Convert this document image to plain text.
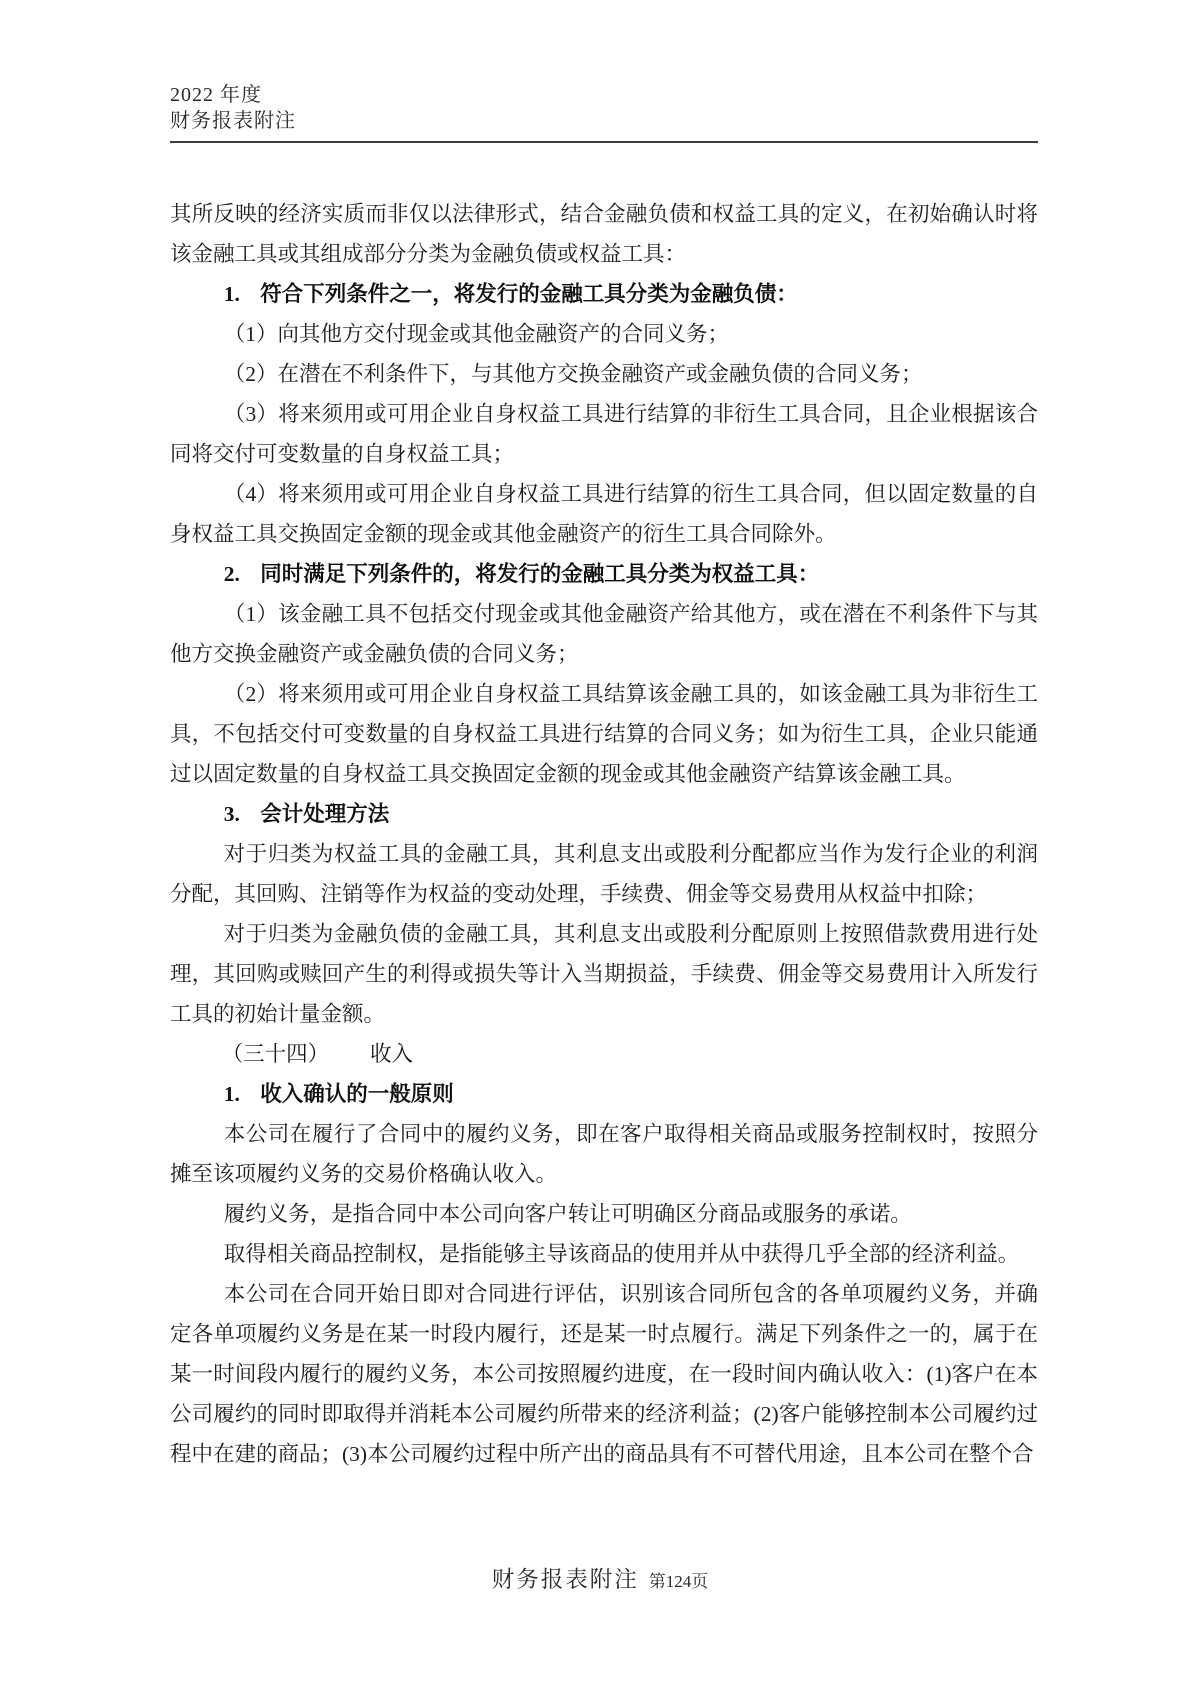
2022 年度
财务报表附注

其所反映的经济实质而非仅以法律形式，结合金融负债和权益工具的定义，在初始确认时将该金融工具或其组成部分分类为金融负债或权益工具：

1. 符合下列条件之一，将发行的金融工具分类为金融负债：

（1）向其他方交付现金或其他金融资产的合同义务；

（2）在潜在不利条件下，与其他方交换金融资产或金融负债的合同义务；

（3）将来须用或可用企业自身权益工具进行结算的非衍生工具合同，且企业根据该合同将交付可变数量的自身权益工具；

（4）将来须用或可用企业自身权益工具进行结算的衍生工具合同，但以固定数量的自身权益工具交换固定金额的现金或其他金融资产的衍生工具合同除外。

2. 同时满足下列条件的，将发行的金融工具分类为权益工具：

（1）该金融工具不包括交付现金或其他金融资产给其他方，或在潜在不利条件下与其他方交换金融资产或金融负债的合同义务；

（2）将来须用或可用企业自身权益工具结算该金融工具的，如该金融工具为非衍生工具，不包括交付可变数量的自身权益工具进行结算的合同义务；如为衍生工具，企业只能通过以固定数量的自身权益工具交换固定金额的现金或其他金融资产结算该金融工具。

3. 会计处理方法

对于归类为权益工具的金融工具，其利息支出或股利分配都应当作为发行企业的利润分配，其回购、注销等作为权益的变动处理，手续费、佣金等交易费用从权益中扣除；

对于归类为金融负债的金融工具，其利息支出或股利分配原则上按照借款费用进行处理，其回购或赎回产生的利得或损失等计入当期损益，手续费、佣金等交易费用计入所发行工具的初始计量金额。

（三十四） 收入

1. 收入确认的一般原则

本公司在履行了合同中的履约义务，即在客户取得相关商品或服务控制权时，按照分摊至该项履约义务的交易价格确认收入。

履约义务，是指合同中本公司向客户转让可明确区分商品或服务的承诺。

取得相关商品控制权，是指能够主导该商品的使用并从中获得几乎全部的经济利益。

本公司在合同开始日即对合同进行评估，识别该合同所包含的各单项履约义务，并确定各单项履约义务是在某一时段内履行，还是某一时点履行。满足下列条件之一的，属于在某一时间段内履行的履约义务，本公司按照履约进度，在一段时间内确认收入：(1)客户在本公司履约的同时即取得并消耗本公司履约所带来的经济利益；(2)客户能够控制本公司履约过程中在建的商品；(3)本公司履约过程中所产出的商品具有不可替代用途，且本公司在整个合

财务报表附注 第124页
